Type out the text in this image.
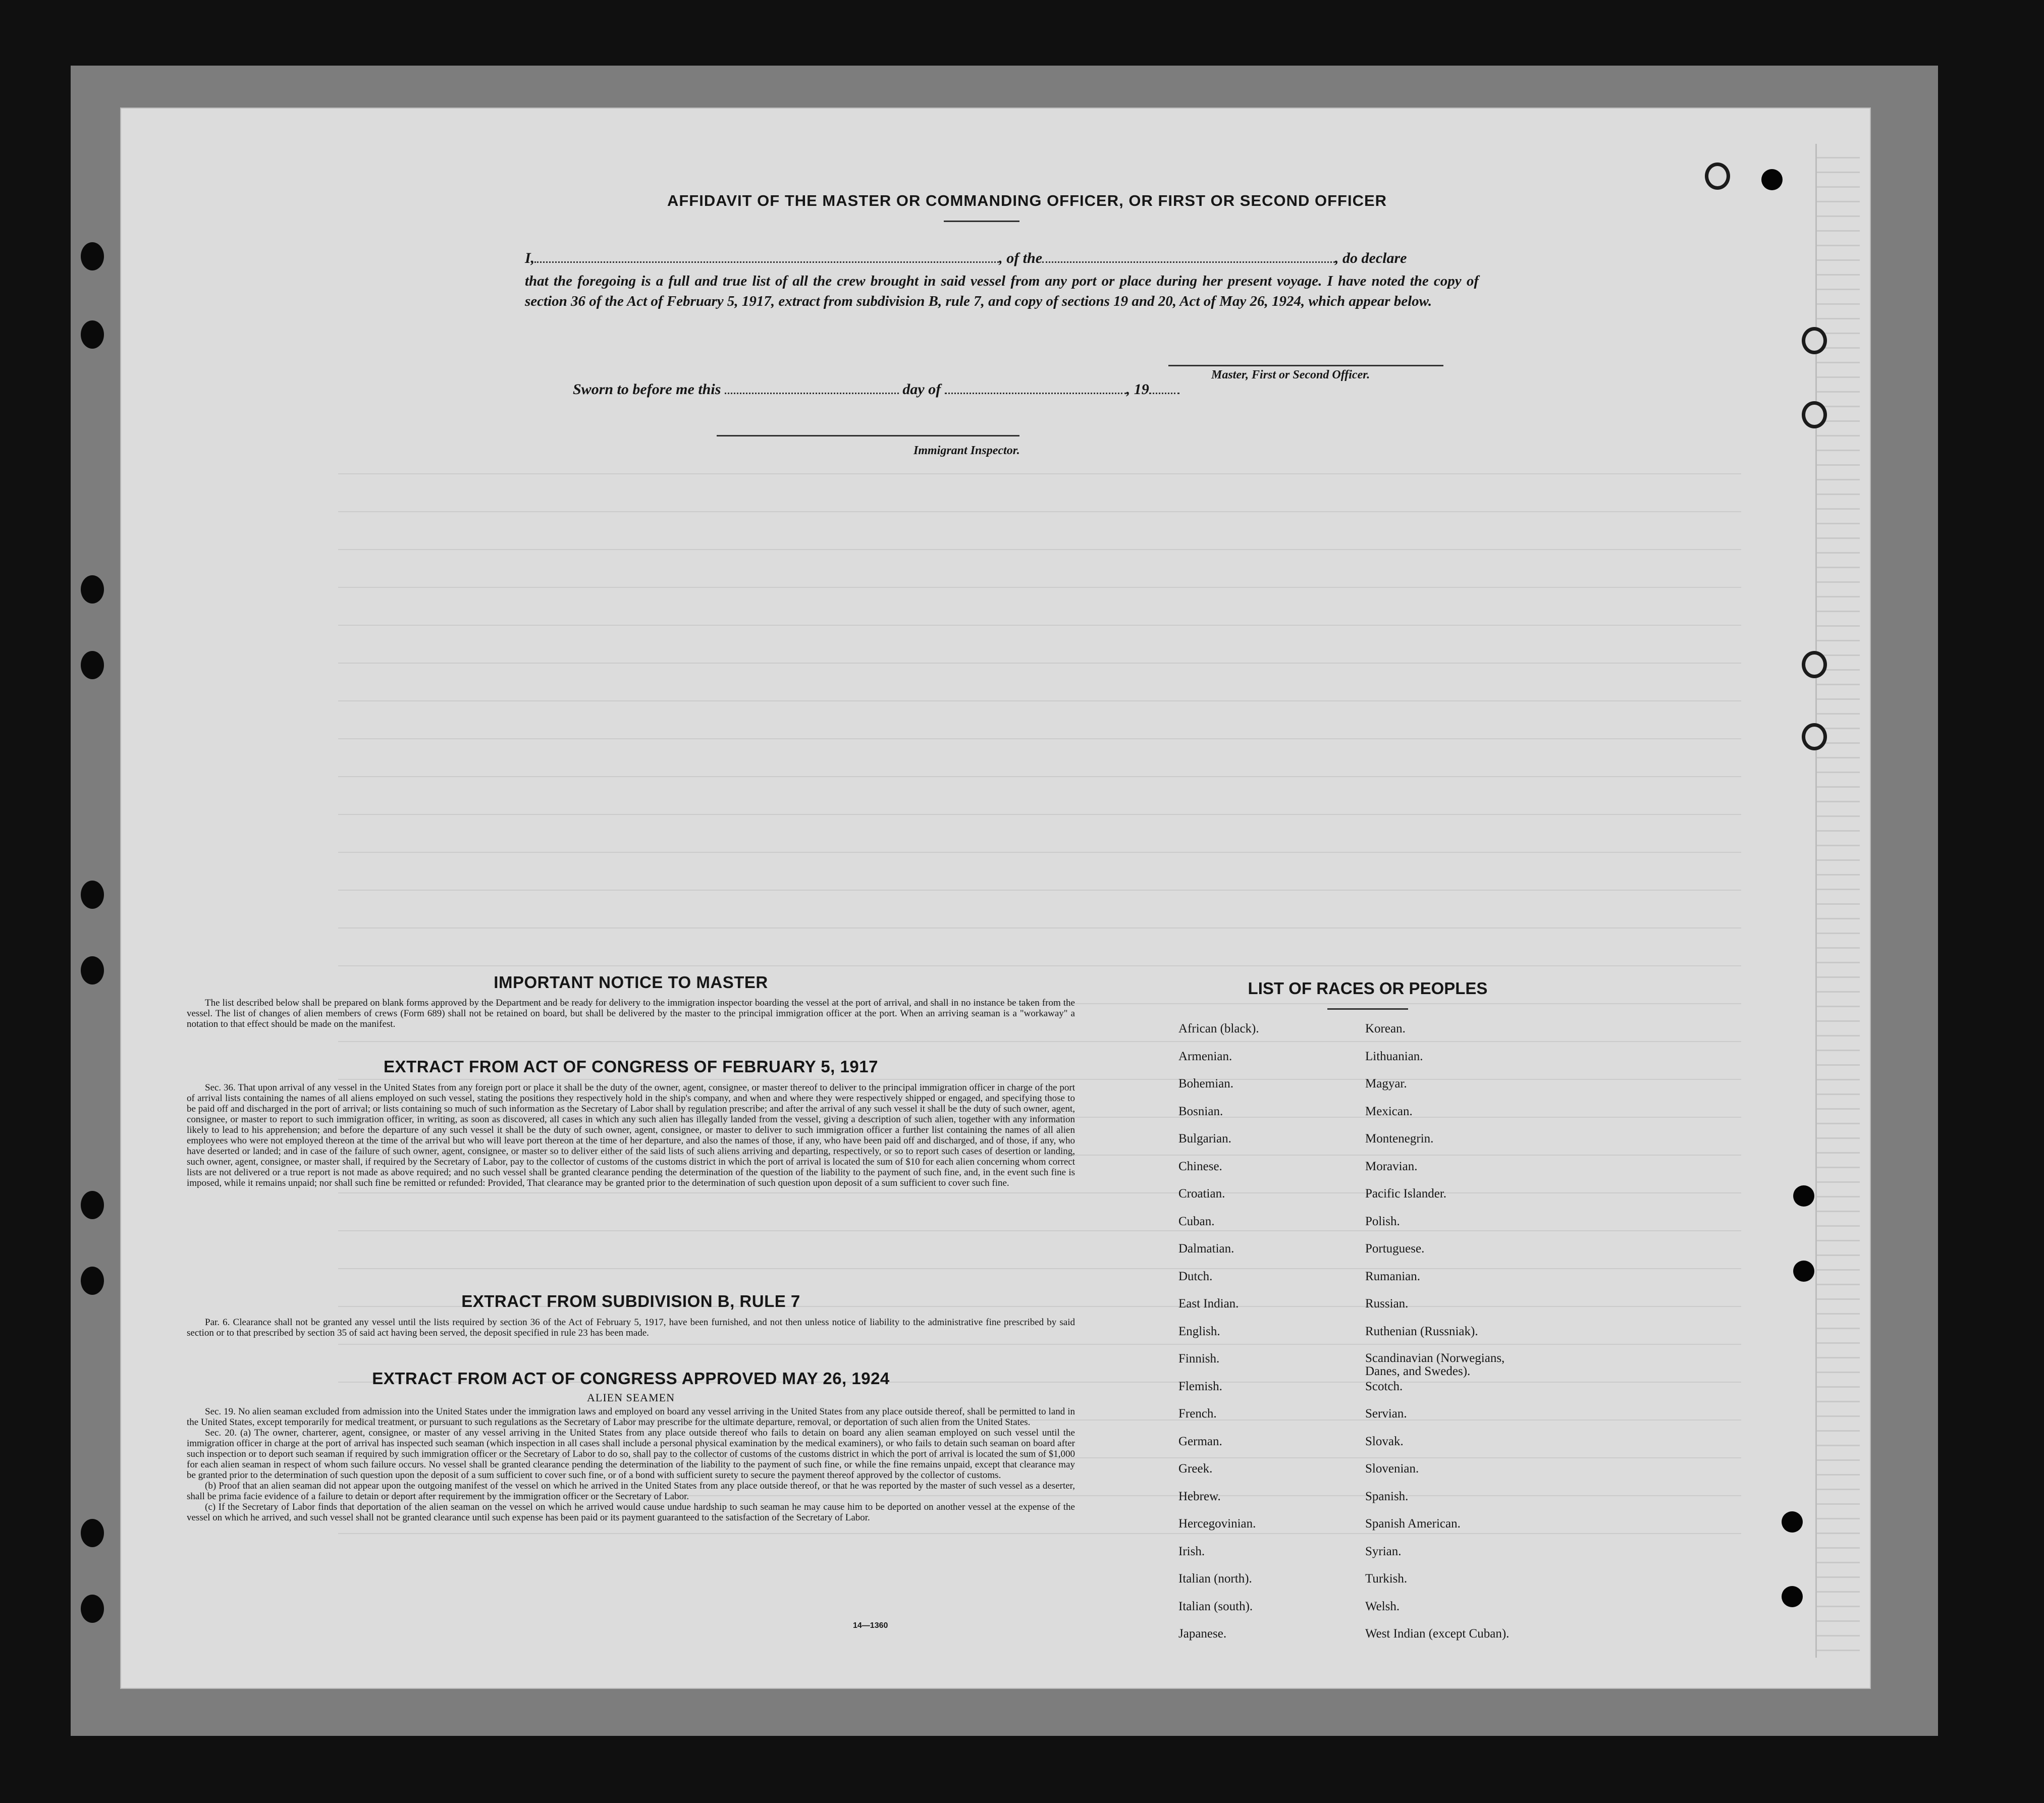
AFFIDAVIT OF THE MASTER OR COMMANDING OFFICER, OR FIRST OR SECOND OFFICER
I,	, of the	, do declare
that the foregoing is a full and true list of all the crew brought in said vessel from any port or place during her present voyage. I have noted the copy of section 36 of the Act of February 5, 1917, extract from subdivision B, rule 7, and copy of sections 19 and 20, Act of May 26, 1924, which appear below.
Master, First or Second Officer.
Sworn to before me this	day of	, 19
Immigrant Inspector.
IMPORTANT NOTICE TO MASTER

The list described below shall be prepared on blank forms approved by the Department and be ready for delivery to the immigration inspector boarding the vessel at the port of arrival, and shall in no instance be taken from the vessel. The list of changes of alien members of crews (Form 689) shall not be retained on board, but shall be delivered by the master to the principal immigration officer at the port. When an arriving seaman is a "workaway" a notation to that effect should be made on the manifest.

EXTRACT FROM ACT OF CONGRESS OF FEBRUARY 5, 1917

Sec. 36. That upon arrival of any vessel in the United States from any foreign port or place it shall be the duty of the owner, agent, consignee, or master thereof to deliver to the principal immigration officer in charge of the port of arrival lists containing the names of all aliens employed on such vessel, stating the positions they respectively hold in the ship's company, and when and where they were respectively shipped or engaged, and specifying those to be paid off and discharged in the port of arrival; or lists containing so much of such information as the Secretary of Labor shall by regulation prescribe; and after the arrival of any such vessel it shall be the duty of such owner, agent, consignee, or master to report to such immigration officer, in writing, as soon as discovered, all cases in which any such alien has illegally landed from the vessel, giving a description of such alien, together with any information likely to lead to his apprehension; and before the departure of any such vessel it shall be the duty of such owner, agent, consignee, or master to deliver to such immigration officer a further list containing the names of all alien employees who were not employed thereon at the time of the arrival but who will leave port thereon at the time of her departure, and also the names of those, if any, who have been paid off and discharged, and of those, if any, who have deserted or landed; and in case of the failure of such owner, agent, consignee, or master so to deliver either of the said lists of such aliens arriving and departing, respectively, or so to report such cases of desertion or landing, such owner, agent, consignee, or master shall, if required by the Secretary of Labor, pay to the collector of customs of the customs district in which the port of arrival is located the sum of $10 for each alien concerning whom correct lists are not delivered or a true report is not made as above required; and no such vessel shall be granted clearance pending the determination of the question of the liability to the payment of such fine, and, in the event such fine is imposed, while it remains unpaid; nor shall such fine be remitted or refunded: Provided, That clearance may be granted prior to the determination of such question upon deposit of a sum sufficient to cover such fine.

EXTRACT FROM SUBDIVISION B, RULE 7

Par. 6. Clearance shall not be granted any vessel until the lists required by section 36 of the Act of February 5, 1917, have been furnished, and not then unless notice of liability to the administrative fine prescribed by said section or to that prescribed by section 35 of said act having been served, the deposit specified in rule 23 has been made.

EXTRACT FROM ACT OF CONGRESS APPROVED MAY 26, 1924
ALIEN SEAMEN

Sec. 19. No alien seaman excluded from admission into the United States under the immigration laws and employed on board any vessel arriving in the United States from any place outside thereof, shall be permitted to land in the United States, except temporarily for medical treatment, or pursuant to such regulations as the Secretary of Labor may prescribe for the ultimate departure, removal, or deportation of such alien from the United States.

Sec. 20. (a) The owner, charterer, agent, consignee, or master of any vessel arriving in the United States from any place outside thereof who fails to detain on board any alien seaman employed on such vessel until the immigration officer in charge at the port of arrival has inspected such seaman (which inspection in all cases shall include a personal physical examination by the medical examiners), or who fails to detain such seaman on board after such inspection or to deport such seaman if required by such immigration officer or the Secretary of Labor to do so, shall pay to the collector of customs of the customs district in which the port of arrival is located the sum of $1,000 for each alien seaman in respect of whom such failure occurs. No vessel shall be granted clearance pending the determination of the liability to the payment of such fine, or while the fine remains unpaid, except that clearance may be granted prior to the determination of such question upon the deposit of a sum sufficient to cover such fine, or of a bond with sufficient surety to secure the payment thereof approved by the collector of customs.

(b) Proof that an alien seaman did not appear upon the outgoing manifest of the vessel on which he arrived in the United States from any place outside thereof, or that he was reported by the master of such vessel as a deserter, shall be prima facie evidence of a failure to detain or deport after requirement by the immigration officer or the Secretary of Labor.

(c) If the Secretary of Labor finds that deportation of the alien seaman on the vessel on which he arrived would cause undue hardship to such seaman he may cause him to be deported on another vessel at the expense of the vessel on which he arrived, and such vessel shall not be granted clearance until such expense has been paid or its payment guaranteed to the satisfaction of the Secretary of Labor.

14—1360
LIST OF RACES OR PEOPLES
African (black).
Armenian.
Bohemian.
Bosnian.
Bulgarian.
Chinese.
Croatian.
Cuban.
Dalmatian.
Dutch.
East Indian.
English.
Finnish.
Flemish.
French.
German.
Greek.
Hebrew.
Hercegovinian.
Irish.
Italian (north).
Italian (south).
Japanese.
Korean.
Lithuanian.
Magyar.
Mexican.
Montenegrin.
Moravian.
Pacific Islander.
Polish.
Portuguese.
Rumanian.
Russian.
Ruthenian (Russniak).
Scandinavian (Norwegians, Danes, and Swedes).
Scotch.
Servian.
Slovak.
Slovenian.
Spanish.
Spanish American.
Syrian.
Turkish.
Welsh.
West Indian (except Cuban).
